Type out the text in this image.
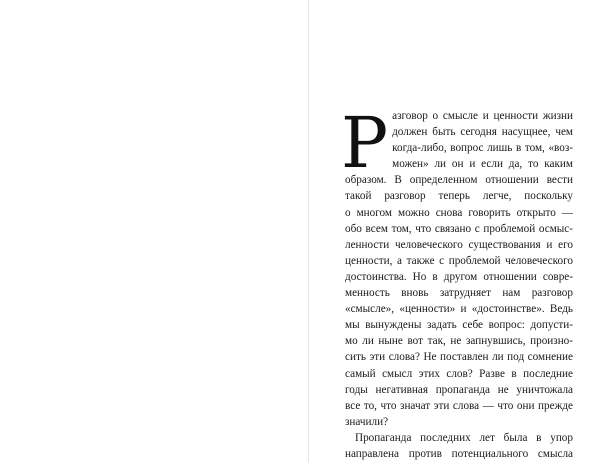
Р азговор о смысле и ценности жизни
должен быть сегодня насущнее, чем
когда-либо, вопрос лишь в том, «воз-
можен» ли он и если да, то каким
образом. В определенном отношении вести
такой разговор теперь легче, поскольку
о многом можно снова говорить открыто —
обо всем том, что связано с проблемой осмыс-
ленности человеческого существования и его
ценности, а также с проблемой человеческого
достоинства. Но в другом отношении совре-
менность вновь затрудняет нам разговор
«смысле», «ценности» и «достоинстве». Ведь
мы вынуждены задать себе вопрос: допусти-
мо ли ныне вот так, не запнувшись, произно-
сить эти слова? Не поставлен ли под сомнение
самый смысл этих слов? Разве в последние
годы негативная пропаганда не уничтожала
все то, что значат эти слова — что они прежде
значили?
Пропаганда последних лет была в упор
направлена против потенциального смысла
